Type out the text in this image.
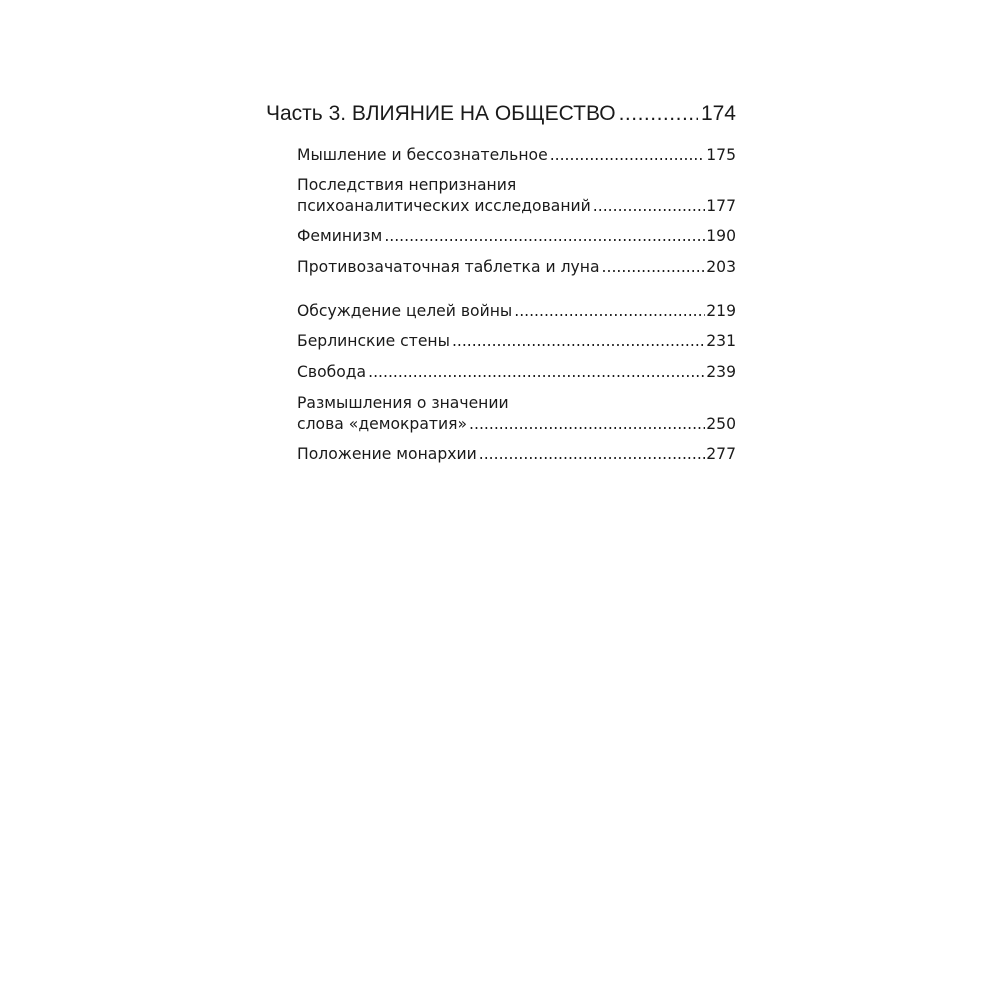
Часть 3. ВЛИЯНИЕ НА ОБЩЕСТВО .....	174
Мышление и бессознательное .....	175
Последствия непризнания
психоаналитических исследований .....	177
Феминизм .....	190
Противозачаточная таблетка и луна .....	203
Обсуждение целей войны .....	219
Берлинские стены .....	231
Свобода .....	239
Размышления о значении
слова «демократия» .....	250
Положение монархии .....	277
